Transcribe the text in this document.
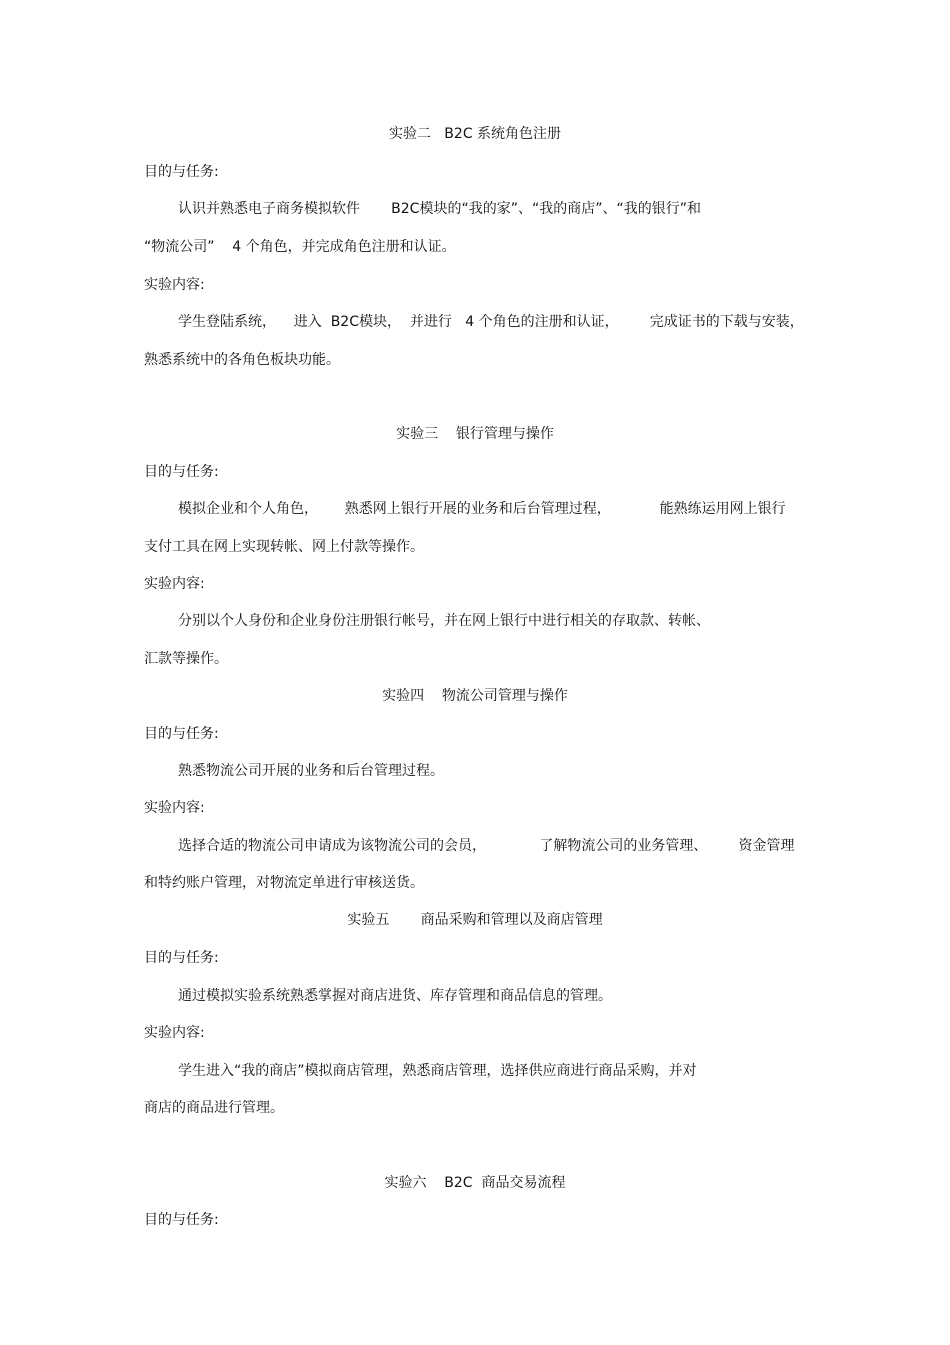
实验二   B2C 系统角色注册
目的与任务:
认识并熟悉电子商务模拟软件       B2C模块的“我的家”、“我的商店”、“我的银行”和
“物流公司”    4 个角色，并完成角色注册和认证。
实验内容:
学生登陆系统，    进入  B2C模块，  并进行   4 个角色的注册和认证，       完成证书的下载与安装，
熟悉系统中的各角色板块功能。
实验三    银行管理与操作
目的与任务:
模拟企业和个人角色，      熟悉网上银行开展的业务和后台管理过程，           能熟练运用网上银行
支付工具在网上实现转帐、网上付款等操作。
实验内容:
分别以个人身份和企业身份注册银行帐号，并在网上银行中进行相关的存取款、转帐、
汇款等操作。
实验四    物流公司管理与操作
目的与任务:
熟悉物流公司开展的业务和后台管理过程。
实验内容:
选择合适的物流公司申请成为该物流公司的会员，            了解物流公司的业务管理、       资金管理
和特约账户管理，对物流定单进行审核送货。
实验五       商品采购和管理以及商店管理
目的与任务:
通过模拟实验系统熟悉掌握对商店进货、库存管理和商品信息的管理。
实验内容:
学生进入“我的商店”模拟商店管理，熟悉商店管理，选择供应商进行商品采购，并对
商店的商品进行管理。
实验六    B2C  商品交易流程
目的与任务:
